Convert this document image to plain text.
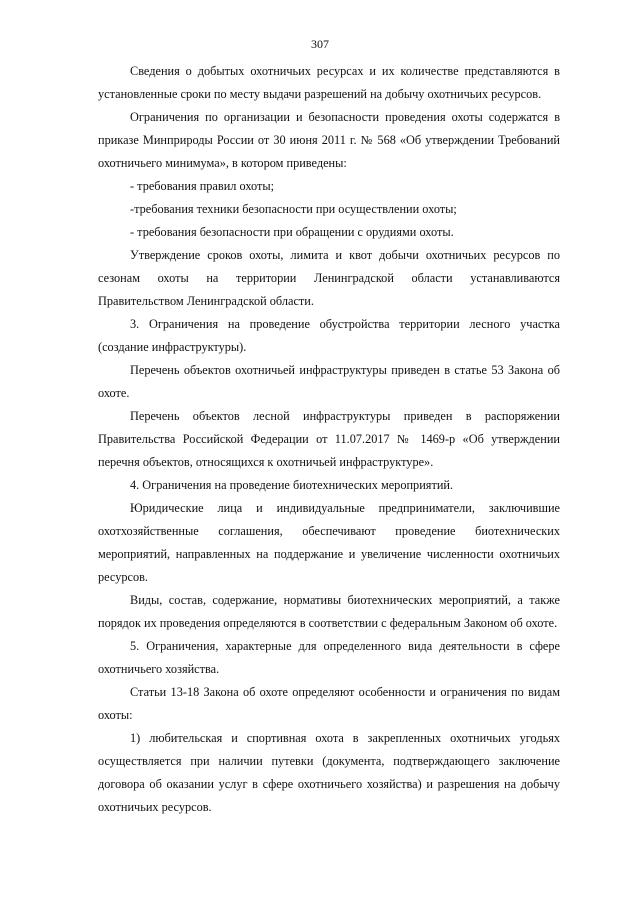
307

Сведения о добытых охотничьих ресурсах и их количестве представляются в установленные сроки по месту выдачи разрешений на добычу охотничьих ресурсов.

Ограничения по организации и безопасности проведения охоты содержатся в приказе Минприроды России от 30 июня 2011 г. № 568 «Об утверждении Требований охотничьего минимума», в котором приведены:

- требования правил охоты;

-требования техники безопасности при осуществлении охоты;

- требования безопасности при обращении с орудиями охоты.

Утверждение сроков охоты, лимита и квот добычи охотничьих ресурсов по сезонам охоты на территории Ленинградской области устанавливаются Правительством Ленинградской области.

3. Ограничения на проведение обустройства территории лесного участка (создание инфраструктуры).

Перечень объектов охотничьей инфраструктуры приведен в статье 53 Закона об охоте.

Перечень объектов лесной инфраструктуры приведен в распоряжении Правительства Российской Федерации от 11.07.2017 № 1469-р «Об утверждении перечня объектов, относящихся к охотничьей инфраструктуре».

4. Ограничения на проведение биотехнических мероприятий.

Юридические лица и индивидуальные предприниматели, заключившие охотхозяйственные соглашения, обеспечивают проведение биотехнических мероприятий, направленных на поддержание и увеличение численности охотничьих ресурсов.

Виды, состав, содержание, нормативы биотехнических мероприятий, а также порядок их проведения определяются в соответствии с федеральным Законом об охоте.

5. Ограничения, характерные для определенного вида деятельности в сфере охотничьего хозяйства.

Статьи 13-18 Закона об охоте определяют особенности и ограничения по видам охоты:

1) любительская и спортивная охота в закрепленных охотничьих угодьях осуществляется при наличии путевки (документа, подтверждающего заключение договора об оказании услуг в сфере охотничьего хозяйства) и разрешения на добычу охотничьих ресурсов.
